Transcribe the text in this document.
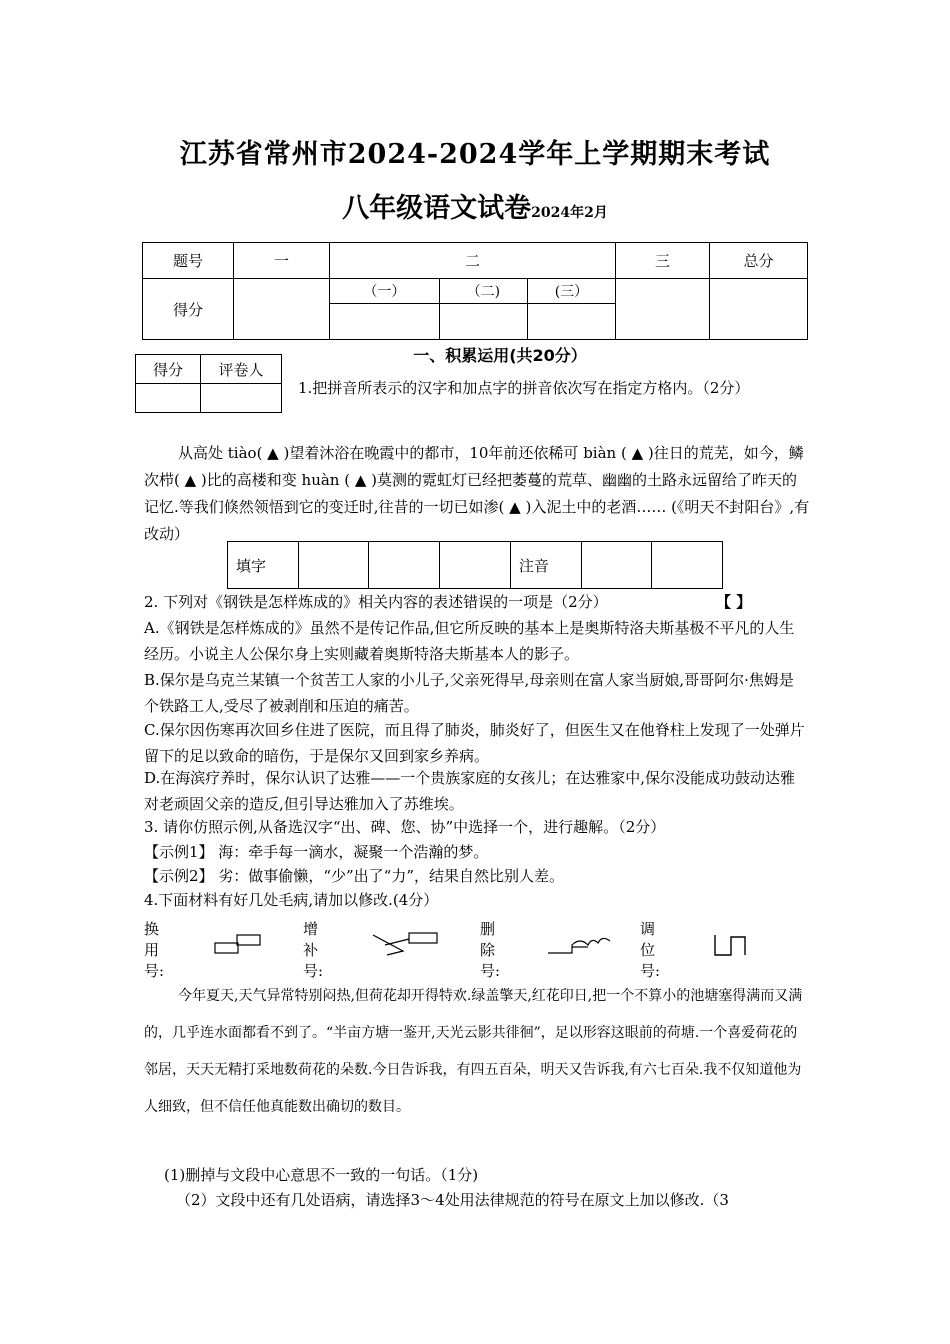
江苏省常州市2024-2024学年上学期期末考试
八年级语文试卷2024年2月
题号	一	二			三	总分
得分		（一）	（二)	(三）		

一、积累运用(共20分）
得分	评卷人

1.把拼音所表示的汉字和加点字的拼音依次写在指定方格内。（2分）
从高处 tiào( ▲ )望着沐浴在晚霞中的都市，10年前还依稀可 biàn ( ▲ )往日的荒芜，如今，鳞次栉( ▲ )比的高楼和变 huàn ( ▲ )莫测的霓虹灯已经把萎蔓的荒草、幽幽的土路永远留给了昨天的记忆.等我们倏然领悟到它的变迁时,往昔的一切已如渗( ▲ )入泥土中的老酒…… (《明天不封阳台》,有改动）
填字				注音		
2. 下列对《钢铁是怎样炼成的》相关内容的表述错误的一项是（2分）	【 】
A.《钢铁是怎样炼成的》虽然不是传记作品,但它所反映的基本上是奥斯特洛夫斯基极不平凡的人生经历。小说主人公保尔身上实则藏着奥斯特洛夫斯基本人的影子。
B.保尔是乌克兰某镇一个贫苦工人家的小儿子,父亲死得早,母亲则在富人家当厨娘,哥哥阿尔·焦姆是个铁路工人,受尽了被剥削和压迫的痛苦。
C.保尔因伤寒再次回乡住进了医院，而且得了肺炎，肺炎好了，但医生又在他脊柱上发现了一处弹片留下的足以致命的暗伤，于是保尔又回到家乡养病。
D.在海滨疗养时，保尔认识了达雅——一个贵族家庭的女孩儿；在达雅家中,保尔没能成功鼓动达雅对老顽固父亲的造反,但引导达雅加入了苏维埃。
3. 请你仿照示例,从备选汉字“出、碑、您、协”中选择一个，进行趣解。（2分）
【示例1】 海：牵手每一滴水，凝聚一个浩瀚的梦。
【示例2】 劣：做事偷懒，“少”出了“力”，结果自然比别人差。
4.下面材料有好几处毛病,请加以修改.(4分）
换用号:
增补号:
删除号:
调位号:
今年夏天,天气异常特别闷热,但荷花却开得特欢.绿盖擎天,红花印日,把一个不算小的池塘塞得满而又满的，几乎连水面都看不到了。“半亩方塘一鉴开,天光云影共徘徊”，足以形容这眼前的荷塘.一个喜爱荷花的邻居，天天无精打采地数荷花的朵数.今日告诉我，有四五百朵，明天又告诉我,有六七百朵.我不仅知道他为人细致，但不信任他真能数出确切的数目。
(1)删掉与文段中心意思不一致的一句话。（1分)
（2）文段中还有几处语病，请选择3～4处用法律规范的符号在原文上加以修改.（3
